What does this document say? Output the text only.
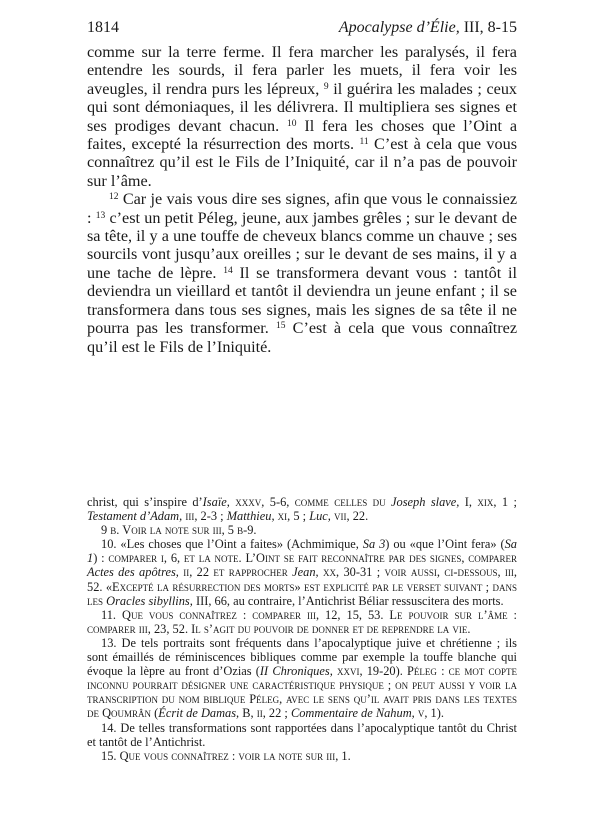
1814	Apocalypse d’Élie, III, 8-15

comme sur la terre ferme. Il fera marcher les paralysés, il fera entendre les sourds, il fera parler les muets, il fera voir les aveugles, il rendra purs les lépreux, $^9$ il guérira les malades ; ceux qui sont démoniaques, il les délivrera. Il multipliera ses signes et ses prodiges devant chacun. $^{10}$ Il fera les choses que l’Oint a faites, excepté la résurrection des morts. $^{11}$ C’est à cela que vous connaîtrez qu’il est le Fils de l’Iniquité, car il n’a pas de pouvoir sur l’âme.

$^{12}$ Car je vais vous dire ses signes, afin que vous le connaissiez : $^{13}$ c’est un petit Péleg, jeune, aux jambes grêles ; sur le devant de sa tête, il y a une touffe de cheveux blancs comme un chauve ; ses sourcils vont jusqu’aux oreilles ; sur le devant de ses mains, il y a une tache de lèpre. $^{14}$ Il se transformera devant vous : tantôt il deviendra un vieillard et tantôt il deviendra un jeune enfant ; il se transformera dans tous ses signes, mais les signes de sa tête il ne pourra pas les transformer. $^{15}$ C’est à cela que vous connaîtrez qu’il est le Fils de l’Iniquité.

christ, qui s’inspire d’Isaïe, xxxv, 5-6, comme celles du Joseph slave, I, xix, 1 ; Testament d’Adam, iii, 2-3 ; Matthieu, xi, 5 ; Luc, vii, 22.

9 b. Voir la note sur iii, 5 b-9.

10. «Les choses que l’Oint a faites» (Achmimique, Sa 3) ou «que l’Oint fera» (Sa 1) : comparer i, 6, et la note. L’Oint se fait reconnaître par des signes, comparer Actes des apôtres, ii, 22 et rapprocher Jean, xx, 30-31 ; voir aussi, ci-dessous, iii, 52. «Excepté la résurrection des morts» est explicité par le verset suivant ; dans les Oracles sibyllins, III, 66, au contraire, l’Antichrist Béliar ressuscitera des morts.

11. Que vous connaîtrez : comparer iii, 12, 15, 53. Le pouvoir sur l’âme : comparer iii, 23, 52. Il s’agit du pouvoir de donner et de reprendre la vie.

13. De tels portraits sont fréquents dans l’apocalyptique juive et chrétienne ; ils sont émaillés de réminiscences bibliques comme par exemple la touffe blanche qui évoque la lèpre au front d’Ozias (II Chroniques, xxvi, 19-20). Péleg : ce mot copte inconnu pourrait désigner une caractéristique physique ; on peut aussi y voir la transcription du nom biblique Péleg, avec le sens qu’il avait pris dans les textes de Qoumrân (Écrit de Damas, B, ii, 22 ; Commentaire de Nahum, v, 1).

14. De telles transformations sont rapportées dans l’apocalyptique tantôt du Christ et tantôt de l’Antichrist.

15. Que vous connaîtrez : voir la note sur iii, 1.
